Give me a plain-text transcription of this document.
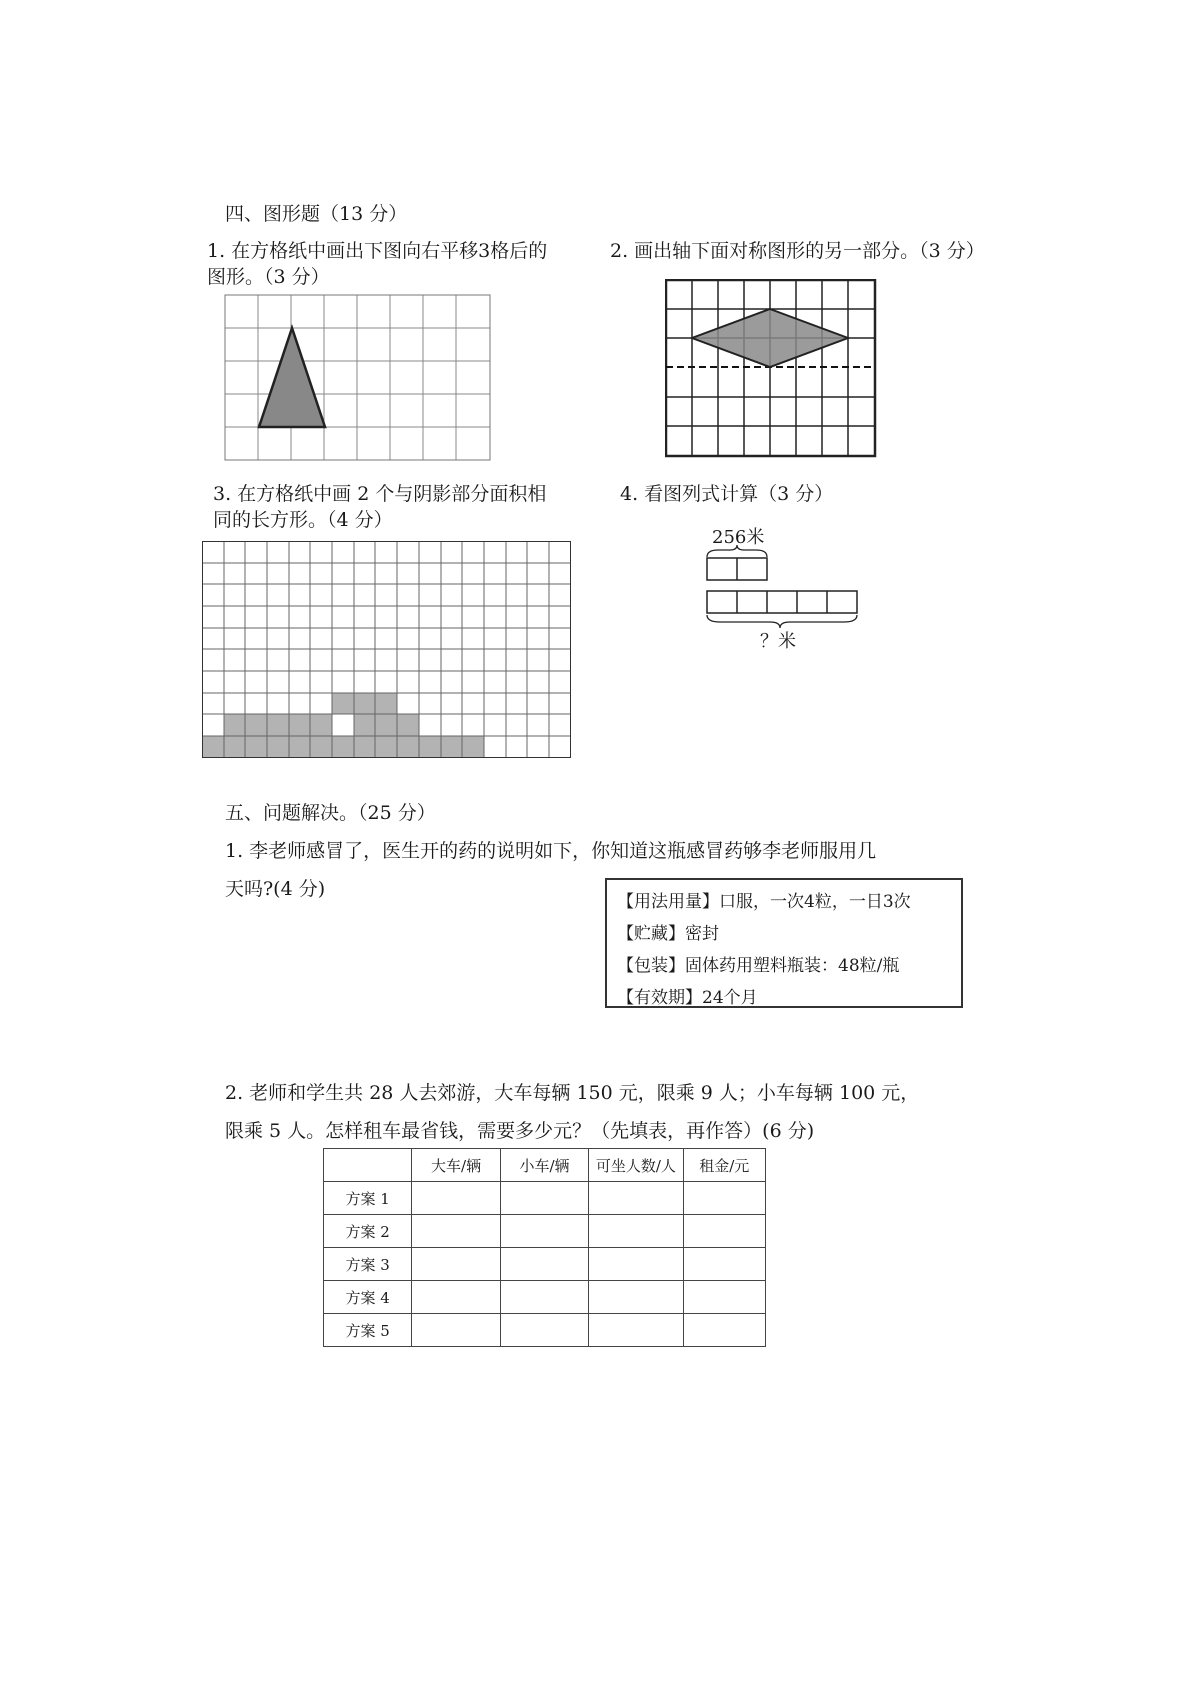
四、图形题（13 分）

1. 在方格纸中画出下图向右平移3格后的图形。（3 分）

2. 画出轴下面对称图形的另一部分。（3 分）

3. 在方格纸中画 2 个与阴影部分面积相同的长方形。（4 分）

4. 看图列式计算（3 分）

256米
？米

五、问题解决。（25 分）

1. 李老师感冒了，医生开的药的说明如下，你知道这瓶感冒药够李老师服用几

天吗?(4 分)

【用法用量】口服，一次4粒，一日3次
【贮藏】密封
【包装】固体药用塑料瓶装：48粒/瓶
【有效期】24个月

2. 老师和学生共 28 人去郊游，大车每辆 150 元，限乘 9 人；小车每辆 100 元，

限乘 5 人。怎样租车最省钱，需要多少元？（先填表，再作答）(6 分)

	大车/辆	小车/辆	可坐人数/人	租金/元
方案 1				
方案 2				
方案 3				
方案 4				
方案 5				
